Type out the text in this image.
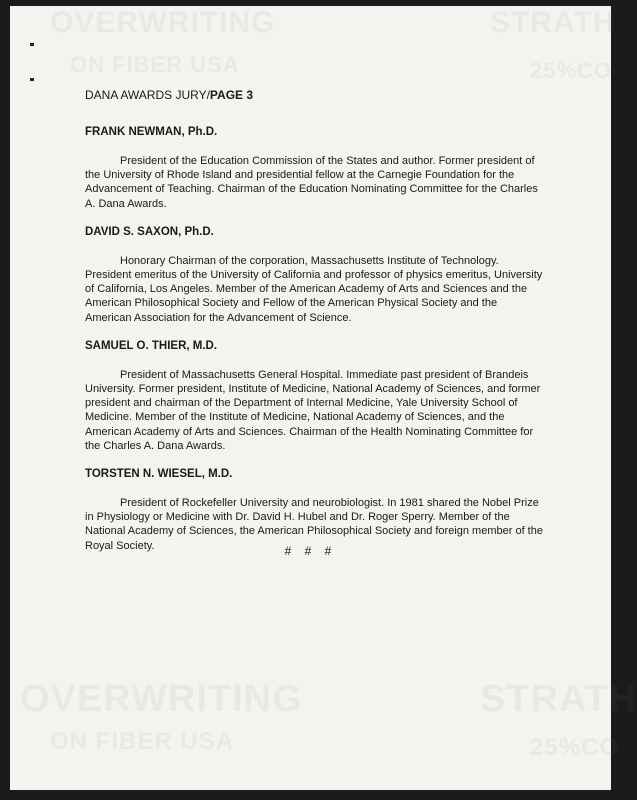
OVERWRITING	STRATH
ON FIBER USA	25%CO
OVERWRITING	STRATH
ON FIBER USA	25%CO
DANA AWARDS JURY/PAGE 3

FRANK NEWMAN, Ph.D.

President of the Education Commission of the States and author. Former president of the University of Rhode Island and presidential fellow at the Carnegie Foundation for the Advancement of Teaching. Chairman of the Education Nominating Committee for the Charles A. Dana Awards.

DAVID S. SAXON, Ph.D.

Honorary Chairman of the corporation, Massachusetts Institute of Technology. President emeritus of the University of California and professor of physics emeritus, University of California, Los Angeles. Member of the American Academy of Arts and Sciences and the American Philosophical Society and Fellow of the American Physical Society and the American Association for the Advancement of Science.

SAMUEL O. THIER, M.D.

President of Massachusetts General Hospital. Immediate past president of Brandeis University. Former president, Institute of Medicine, National Academy of Sciences, and former president and chairman of the Department of Internal Medicine, Yale University School of Medicine. Member of the Institute of Medicine, National Academy of Sciences, and the American Academy of Arts and Sciences. Chairman of the Health Nominating Committee for the Charles A. Dana Awards.

TORSTEN N. WIESEL, M.D.

President of Rockefeller University and neurobiologist. In 1981 shared the Nobel Prize in Physiology or Medicine with Dr. David H. Hubel and Dr. Roger Sperry. Member of the National Academy of Sciences, the American Philosophical Society and foreign member of the Royal Society.	# # #
